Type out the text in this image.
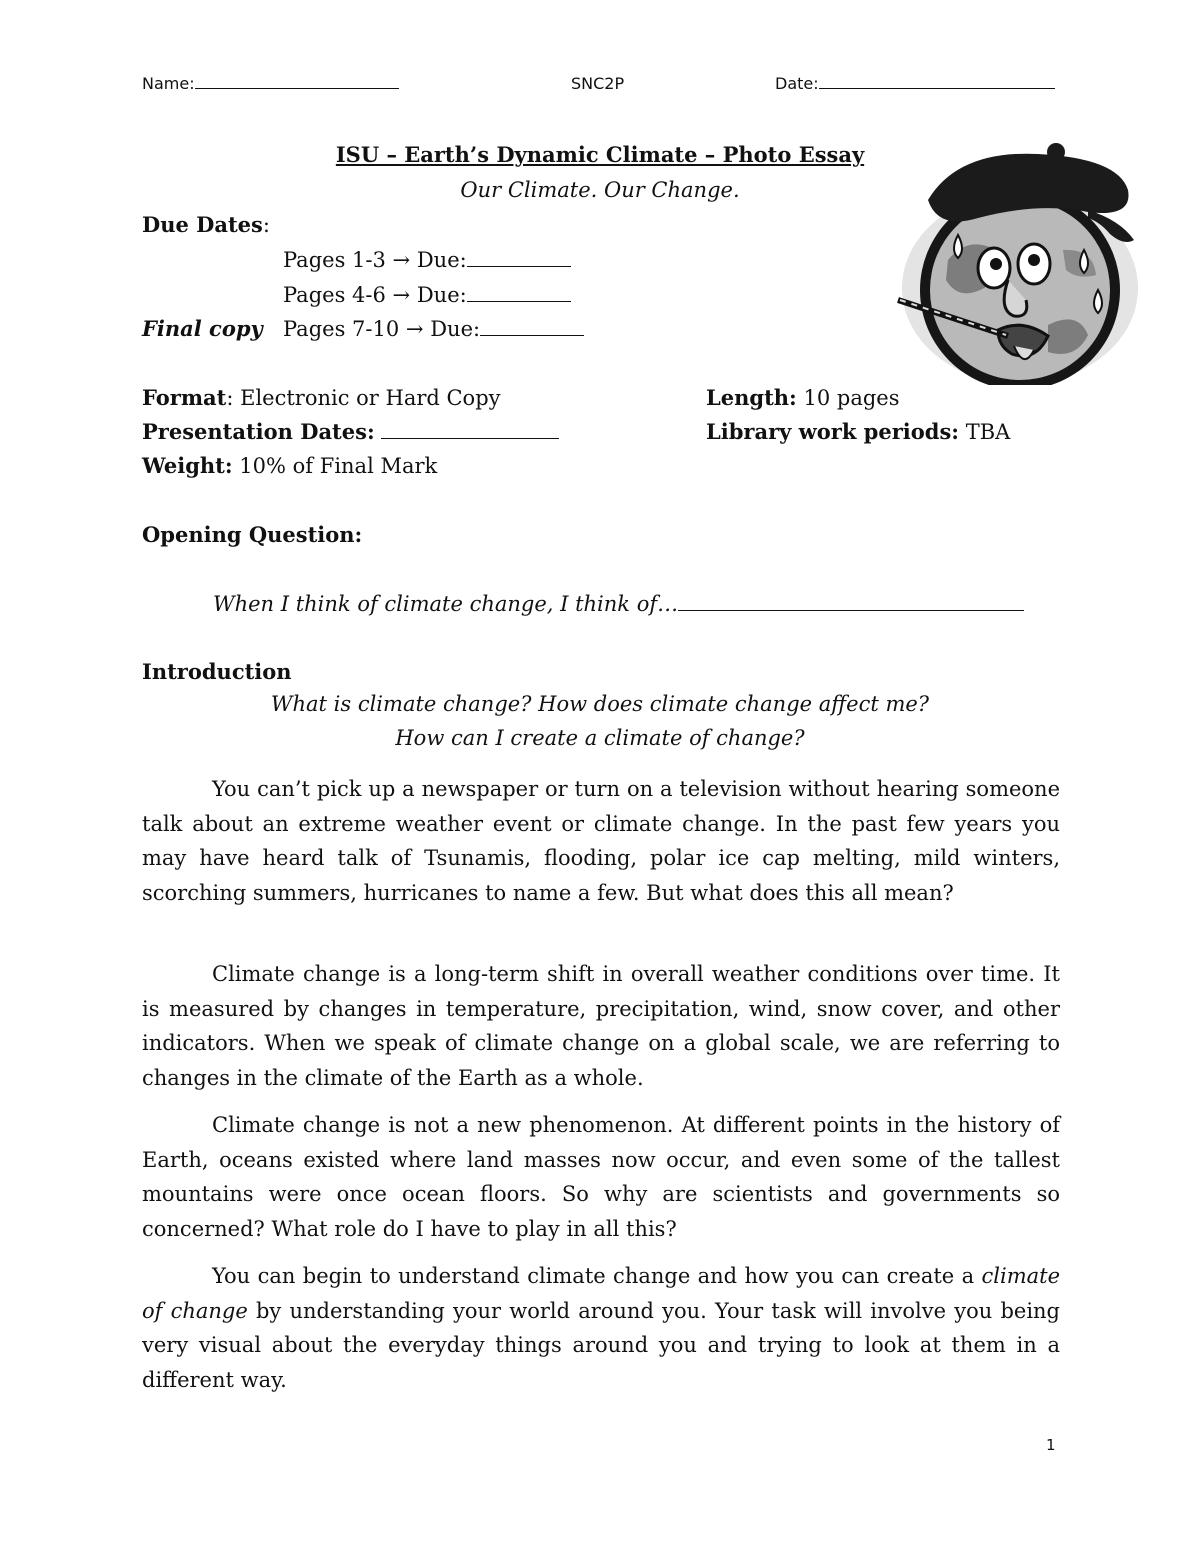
Name:	SNC2P	Date:
ISU – Earth’s Dynamic Climate – Photo Essay
Our Climate. Our Change.
Due Dates:
Pages 1-3 → Due:
Pages 4-6 → Due:
Final copy Pages 7-10 → Due:
Format: Electronic or Hard Copy	Length: 10 pages
Presentation Dates:	Library work periods: TBA
Weight: 10% of Final Mark
Opening Question:
When I think of climate change, I think of…
Introduction
What is climate change? How does climate change affect me?
How can I create a climate of change?

You can’t pick up a newspaper or turn on a television without hearing someone talk about an extreme weather event or climate change. In the past few years you may have heard talk of Tsunamis, flooding, polar ice cap melting, mild winters, scorching summers, hurricanes to name a few. But what does this all mean?

Climate change is a long-term shift in overall weather conditions over time. It is measured by changes in temperature, precipitation, wind, snow cover, and other indicators. When we speak of climate change on a global scale, we are referring to changes in the climate of the Earth as a whole.

Climate change is not a new phenomenon. At different points in the history of Earth, oceans existed where land masses now occur, and even some of the tallest mountains were once ocean floors. So why are scientists and governments so concerned? What role do I have to play in all this?

You can begin to understand climate change and how you can create a climate of change by understanding your world around you. Your task will involve you being very visual about the everyday things around you and trying to look at them in a different way.

1
